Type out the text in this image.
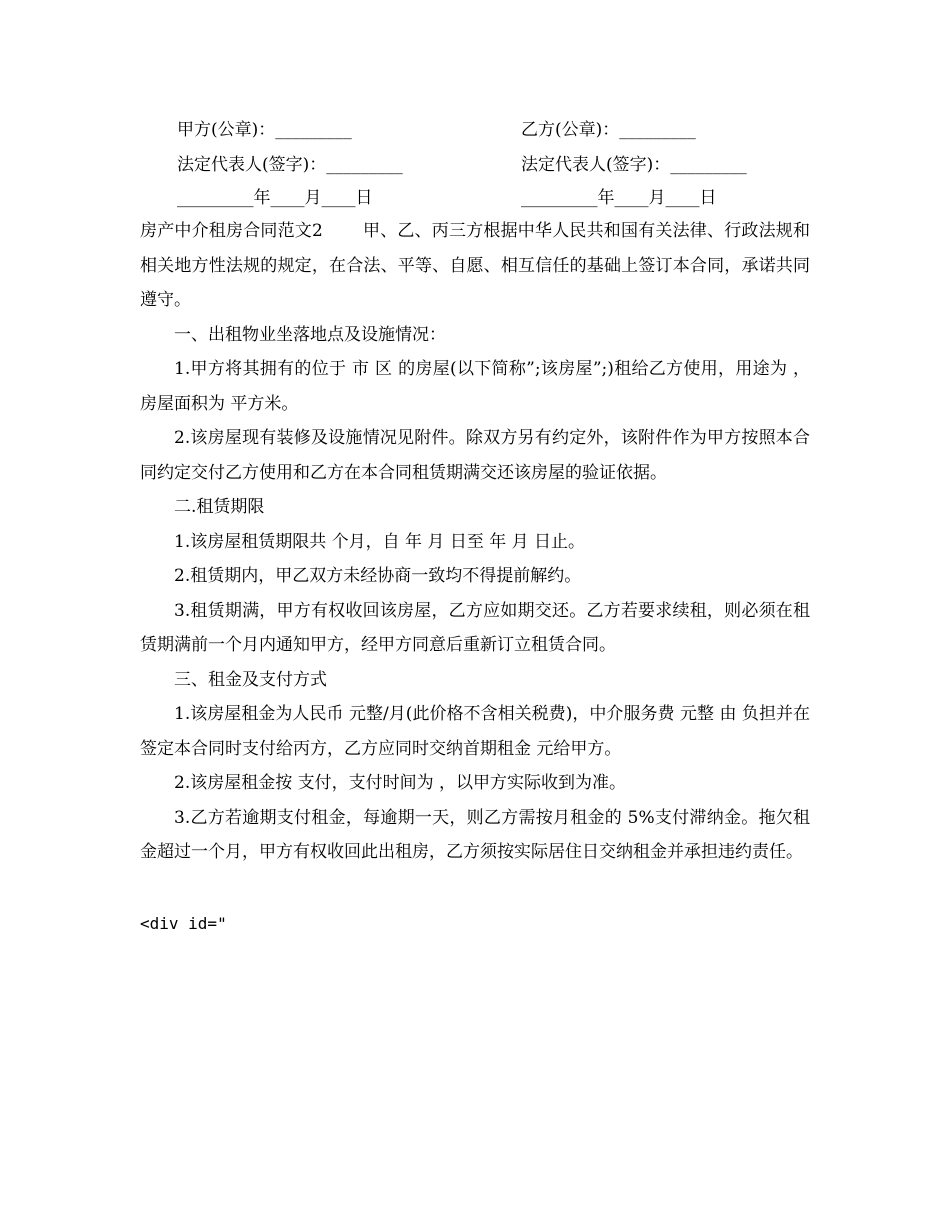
甲方(公章)：_________	乙方(公章)：_________
法定代表人(签字)：_________	法定代表人(签字)：_________
_________年____月____日	_________年____月____日

房产中介租房合同范文2 甲、乙、丙三方根据中华人民共和国有关法律、行政法规和相关地方性法规的规定，在合法、平等、自愿、相互信任的基础上签订本合同，承诺共同遵守。

一、出租物业坐落地点及设施情况：

1.甲方将其拥有的位于 市 区 的房屋(以下简称”;该房屋”;)租给乙方使用，用途为 ，房屋面积为 平方米。

2.该房屋现有装修及设施情况见附件。除双方另有约定外，该附件作为甲方按照本合同约定交付乙方使用和乙方在本合同租赁期满交还该房屋的验证依据。

二.租赁期限

1.该房屋租赁期限共 个月，自 年 月 日至 年 月 日止。

2.租赁期内，甲乙双方未经协商一致均不得提前解约。

3.租赁期满，甲方有权收回该房屋，乙方应如期交还。乙方若要求续租，则必须在租赁期满前一个月内通知甲方，经甲方同意后重新订立租赁合同。

三、租金及支付方式

1.该房屋租金为人民币 元整/月(此价格不含相关税费)，中介服务费 元整 由 负担并在签定本合同时支付给丙方，乙方应同时交纳首期租金 元给甲方。

2.该房屋租金按 支付，支付时间为 ，以甲方实际收到为准。

3.乙方若逾期支付租金，每逾期一天，则乙方需按月租金的 5%支付滞纳金。拖欠租金超过一个月，甲方有权收回此出租房，乙方须按实际居住日交纳租金并承担违约责任。

<div id="
